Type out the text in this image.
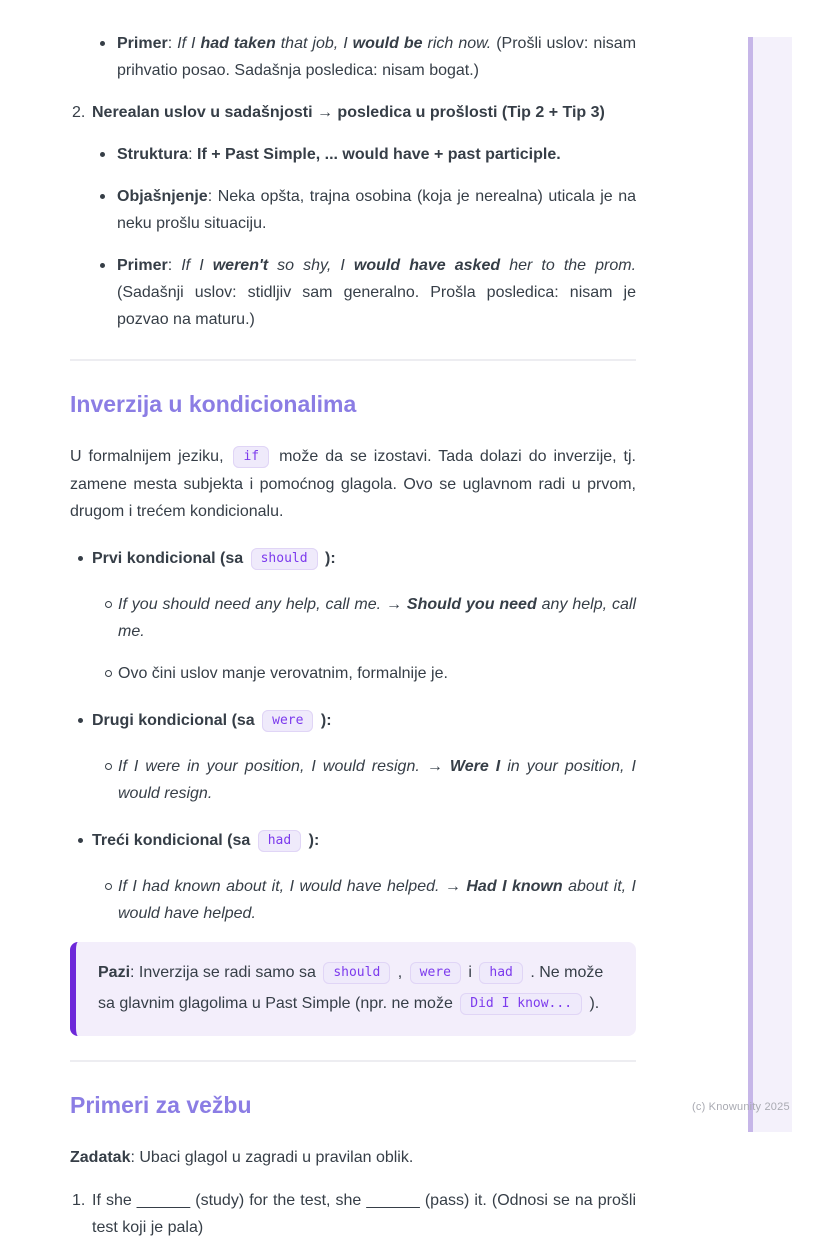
Primer: If I had taken that job, I would be rich now. (Prošli uslov: nisam prihvatio posao. Sadašnja posledica: nisam bogat.)
2. Nerealan uslov u sadašnjosti → posledica u prošlosti (Tip 2 + Tip 3)
Struktura: If + Past Simple, ... would have + past participle.
Objašnjenje: Neka opšta, trajna osobina (koja je nerealna) uticala je na neku prošlu situaciju.
Primer: If I weren't so shy, I would have asked her to the prom. (Sadašnji uslov: stidljiv sam generalno. Prošla posledica: nisam je pozvao na maturu.)
Inverzija u kondicionalima
U formalnijem jeziku, if može da se izostavi. Tada dolazi do inverzije, tj. zamene mesta subjekta i pomoćnog glagola. Ovo se uglavnom radi u prvom, drugom i trećem kondicionalu.
Prvi kondicional (sa should ):
If you should need any help, call me. → Should you need any help, call me.
Ovo čini uslov manje verovatnim, formalnije je.
Drugi kondicional (sa were ):
If I were in your position, I would resign. → Were I in your position, I would resign.
Treći kondicional (sa had ):
If I had known about it, I would have helped. → Had I known about it, I would have helped.
Pazi: Inverzija se radi samo sa should , were i had . Ne može sa glavnim glagolima u Past Simple (npr. ne može Did I know... ).
Primeri za vežbu
Zadatak: Ubaci glagol u zagradi u pravilan oblik.
1. If she ______ (study) for the test, she ______ (pass) it. (Odnosi se na prošli test koji je pala)
(c) Knowunity 2025
